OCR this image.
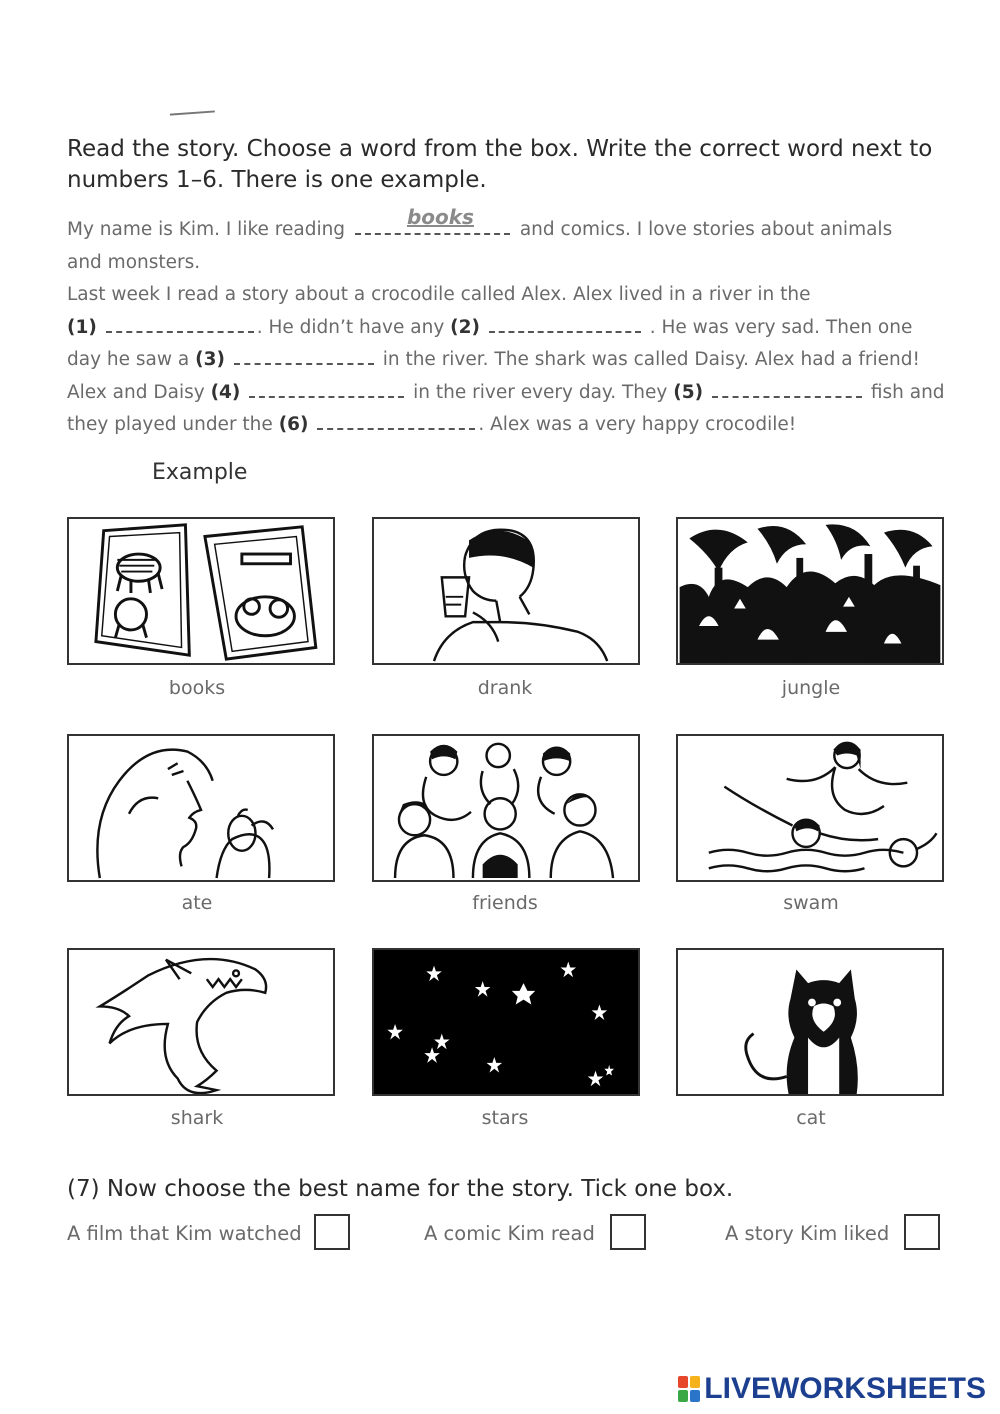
Read the story. Choose a word from the box. Write the correct word next to numbers 1–6. There is one example.

My name is Kim. I like reading
books
and comics. I love stories about animals
and monsters.
Last week I read a story about a crocodile called Alex. Alex lived in a river in the
(1)	. He didn’t have any (2)	. He was very sad. Then one
day he saw a (3)	in the river. The shark was called Daisy. Alex had a friend!
Alex and Daisy (4)	in the river every day. They (5)	fish and
they played under the (6)	. Alex was a very happy crocodile!
Example
books	drank	jungle
ate	friends	swam
shark	stars	cat
(7) Now choose the best name for the story. Tick one box.
A film that Kim watched	A comic Kim read	A story Kim liked
LIVEWORKSHEETS
